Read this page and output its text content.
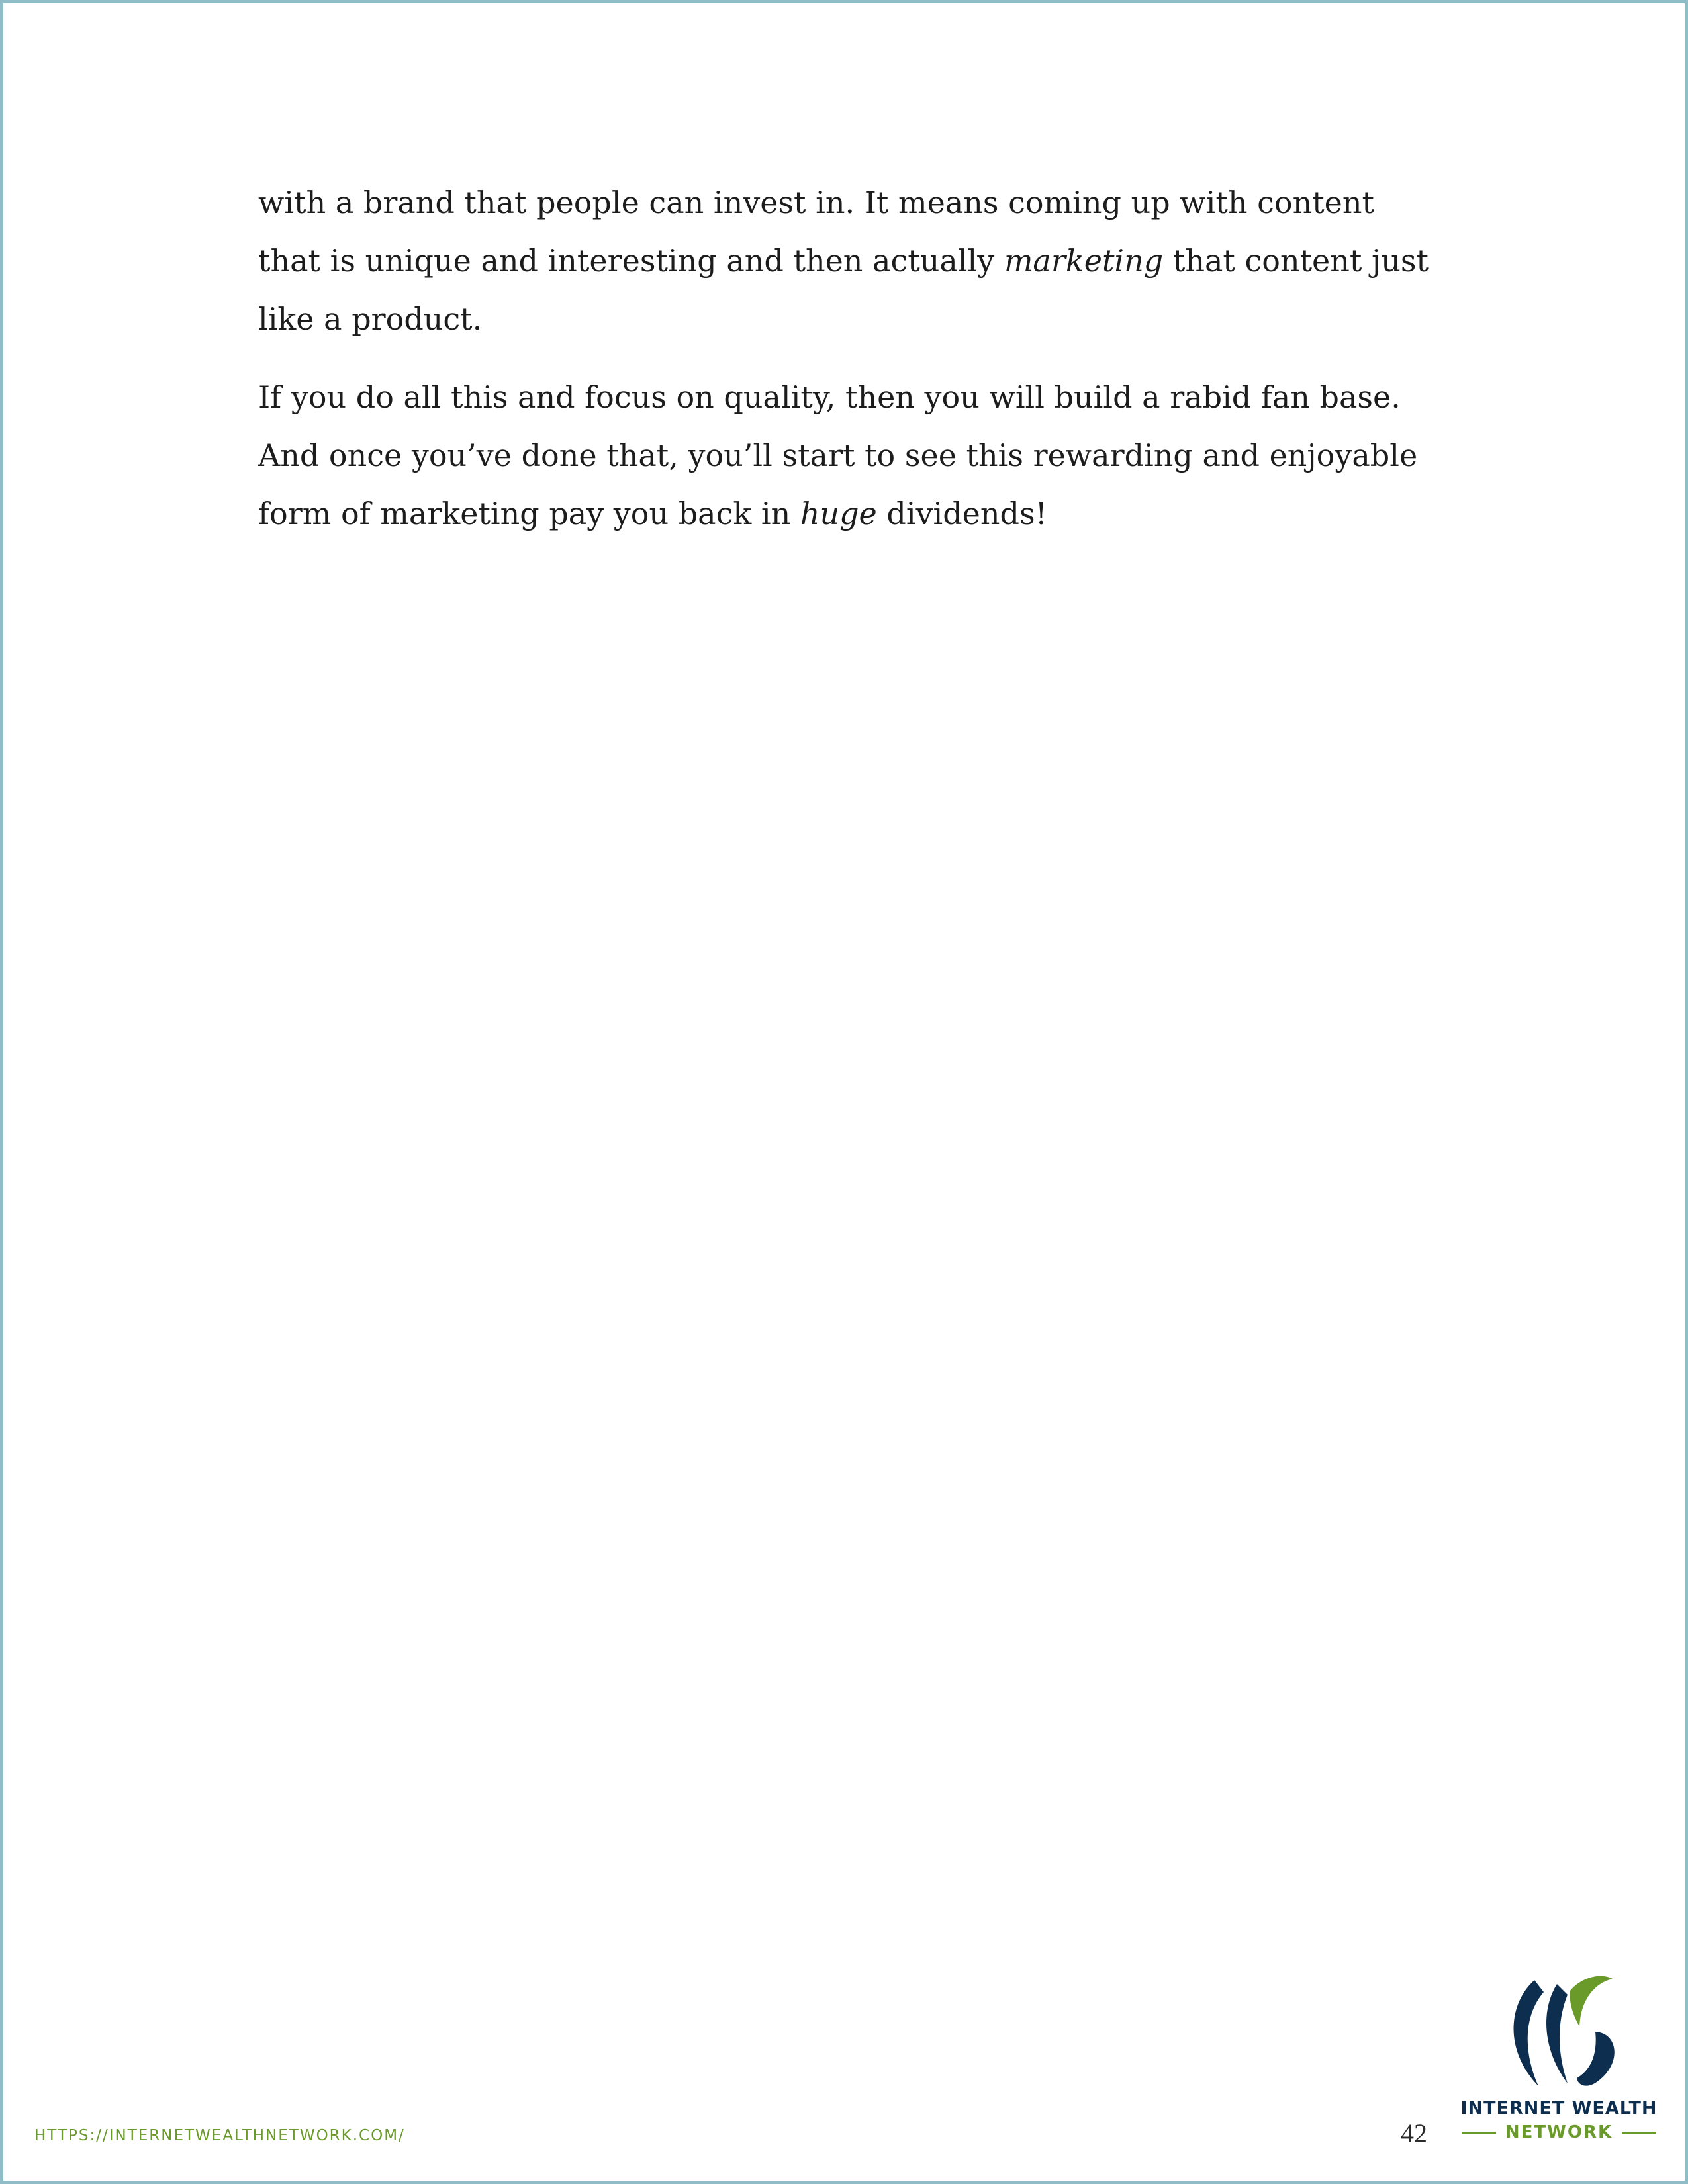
with a brand that people can invest in. It means coming up with content that is unique and interesting and then actually marketing that content just like a product.

If you do all this and focus on quality, then you will build a rabid fan base. And once you’ve done that, you’ll start to see this rewarding and enjoyable form of marketing pay you back in huge dividends!

HTTPS://INTERNETWEALTHNETWORK.COM/	42
INTERNET WEALTH
NETWORK
